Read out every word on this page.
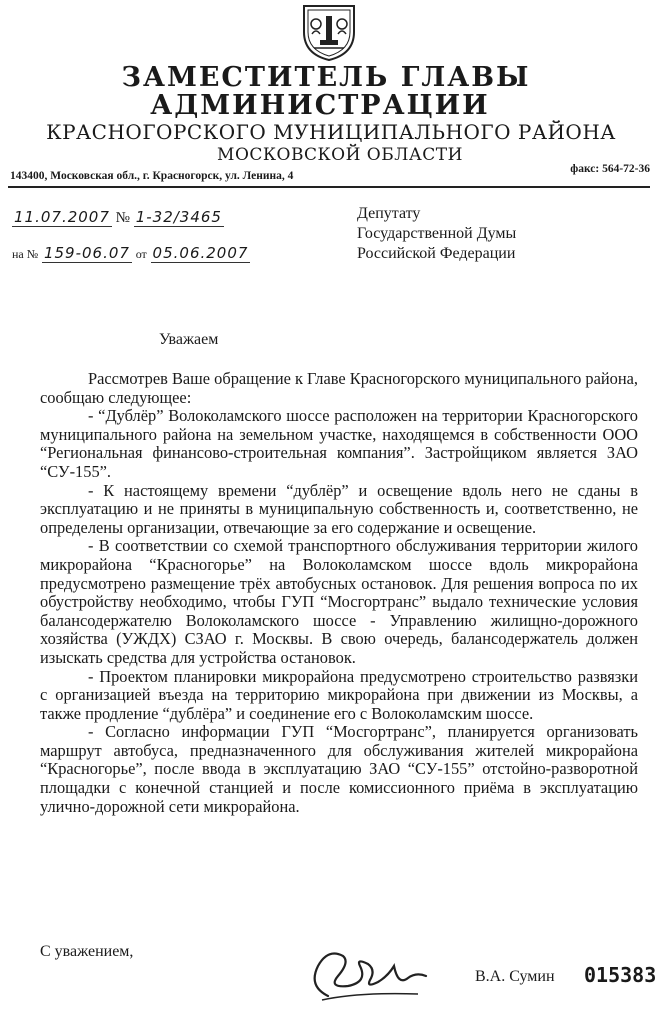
ЗАМЕСТИТЕЛЬ ГЛАВЫ
АДМИНИСТРАЦИИ
КРАСНОГОРСКОГО МУНИЦИПАЛЬНОГО РАЙОНА
МОСКОВСКОЙ ОБЛАСТИ
143400, Московская обл., г. Красногорск, ул. Ленина, 4
факс: 564-72-36
11.07.2007 № 1-32/3465
на № 159-06.07 от 05.06.2007
Депутату
Государственной Думы
Российской Федерации
Уважаем

Рассмотрев Ваше обращение к Главе Красногорского муниципального района, сообщаю следующее:

- “Дублёр” Волоколамского шоссе расположен на территории Красногорского муниципального района на земельном участке, находящемся в собственности ООО “Региональная финансово-строительная компания”. Застройщиком является ЗАО “СУ-155”.

- К настоящему времени “дублёр” и освещение вдоль него не сданы в эксплуатацию и не приняты в муниципальную собственность и, соответственно, не определены организации, отвечающие за его содержание и освещение.

- В соответствии со схемой транспортного обслуживания территории жилого микрорайона “Красногорье” на Волоколамском шоссе вдоль микрорайона предусмотрено размещение трёх автобусных остановок. Для решения вопроса по их обустройству необходимо, чтобы ГУП “Мосгортранс” выдало технические условия балансодержателю Волоколамского шоссе - Управлению жилищно-дорожного хозяйства (УЖДХ) СЗАО г. Москвы. В свою очередь, балансодержатель должен изыскать средства для устройства остановок.

- Проектом планировки микрорайона предусмотрено строительство развязки с организацией въезда на территорию микрорайона при движении из Москвы, а также продление “дублёра” и соединение его с Волоколамским шоссе.

- Согласно информации ГУП “Мосгортранс”, планируется организовать маршрут автобуса, предназначенного для обслуживания жителей микрорайона “Красногорье”, после ввода в эксплуатацию ЗАО “СУ-155” отстойно-разворотной площадки с конечной станцией и после комиссионного приёма в эксплуатацию улично-дорожной сети микрорайона.

С уважением,
В.А. Сумин 015383
